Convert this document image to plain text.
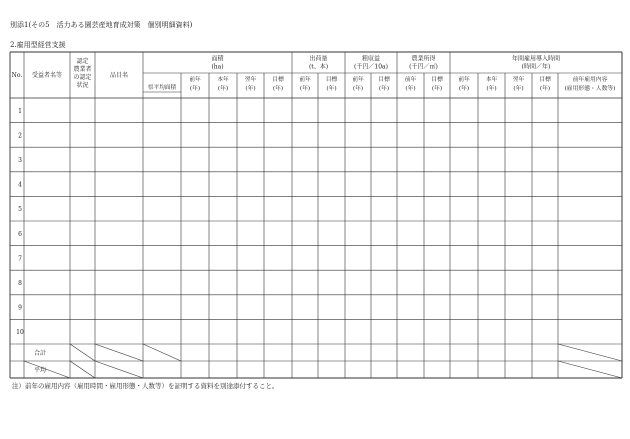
別添1(その5　活力ある園芸産地育成対策　個別明細資料)
2.雇用型経営支援
No. 受益者名等
認定
農業者
の認定
状況
品目名
面積
(ha)
出荷量
(t、本)
粗収益
(千円／10a)
農業所得
(千円／㎡)
年間雇用導入時間
(時間／年)
県平均面積
前年
(年)
本年
(年)
翌年
(年)
目標
(年)
前年
(年)
目標
(年)
前年
(年)
目標
(年)
前年
(年)
目標
(年)
前年
(年)
本年
(年)
翌年
(年)
目標
(年)
前年雇用内容
(雇用形態・人数等)
1
2
3
4
5
6
7
8
9
10
合計
平均
注）前年の雇用内容（雇用時間・雇用形態・人数等）を証明する資料を別途添付すること。
